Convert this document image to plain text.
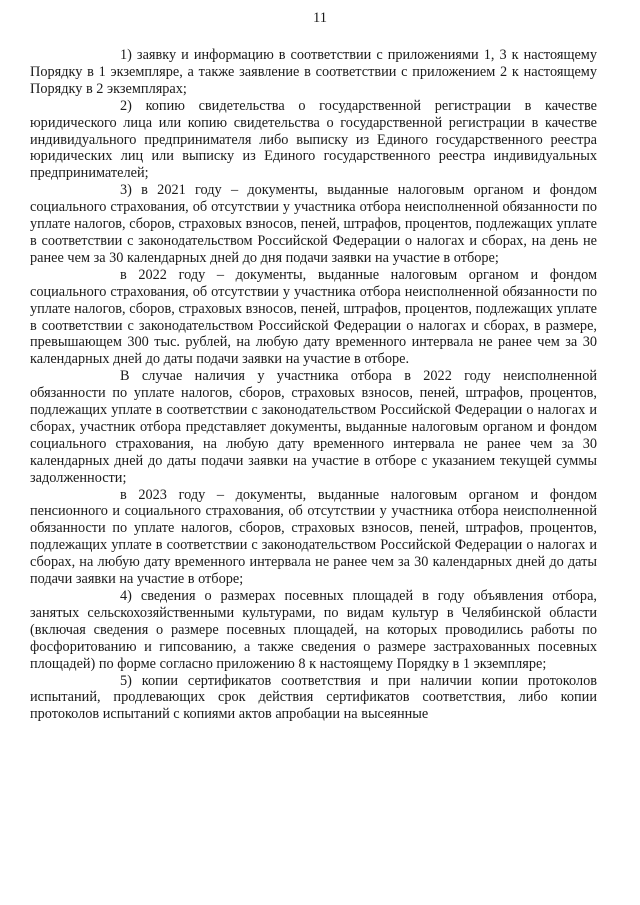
11

1) заявку и информацию в соответствии с приложениями 1, 3 к настоящему Порядку в 1 экземпляре, а также заявление в соответствии с приложением 2 к настоящему Порядку в 2 экземплярах;

2) копию свидетельства о государственной регистрации в качестве юридического лица или копию свидетельства о государственной регистрации в качестве индивидуального предпринимателя либо выписку из Единого государственного реестра юридических лиц или выписку из Единого государственного реестра индивидуальных предпринимателей;

3) в 2021 году – документы, выданные налоговым органом и фондом социального страхования, об отсутствии у участника отбора неисполненной обязанности по уплате налогов, сборов, страховых взносов, пеней, штрафов, процентов, подлежащих уплате в соответствии с законодательством Российской Федерации о налогах и сборах, на день не ранее чем за 30 календарных дней до дня подачи заявки на участие в отборе;

в 2022 году – документы, выданные налоговым органом и фондом социального страхования, об отсутствии у участника отбора неисполненной обязанности по уплате налогов, сборов, страховых взносов, пеней, штрафов, процентов, подлежащих уплате в соответствии с законодательством Российской Федерации о налогах и сборах, в размере, превышающем 300 тыс. рублей, на любую дату временного интервала не ранее чем за 30 календарных дней до даты подачи заявки на участие в отборе.

В случае наличия у участника отбора в 2022 году неисполненной обязанности по уплате налогов, сборов, страховых взносов, пеней, штрафов, процентов, подлежащих уплате в соответствии с законодательством Российской Федерации о налогах и сборах, участник отбора представляет документы, выданные налоговым органом и фондом социального страхования, на любую дату временного интервала не ранее чем за 30 календарных дней до даты подачи заявки на участие в отборе с указанием текущей суммы задолженности;

в 2023 году – документы, выданные налоговым органом и фондом пенсионного и социального страхования, об отсутствии у участника отбора неисполненной обязанности по уплате налогов, сборов, страховых взносов, пеней, штрафов, процентов, подлежащих уплате в соответствии с законодательством Российской Федерации о налогах и сборах, на любую дату временного интервала не ранее чем за 30 календарных дней до даты подачи заявки на участие в отборе;

4) сведения о размерах посевных площадей в году объявления отбора, занятых сельскохозяйственными культурами, по видам культур в Челябинской области (включая сведения о размере посевных площадей, на которых проводились работы по фосфоритованию и гипсованию, а также сведения о размере застрахованных посевных площадей) по форме согласно приложению 8 к настоящему Порядку в 1 экземпляре;

5) копии сертификатов соответствия и при наличии копии протоколов испытаний, продлевающих срок действия сертификатов соответствия, либо копии протоколов испытаний с копиями актов апробации на высеянные
